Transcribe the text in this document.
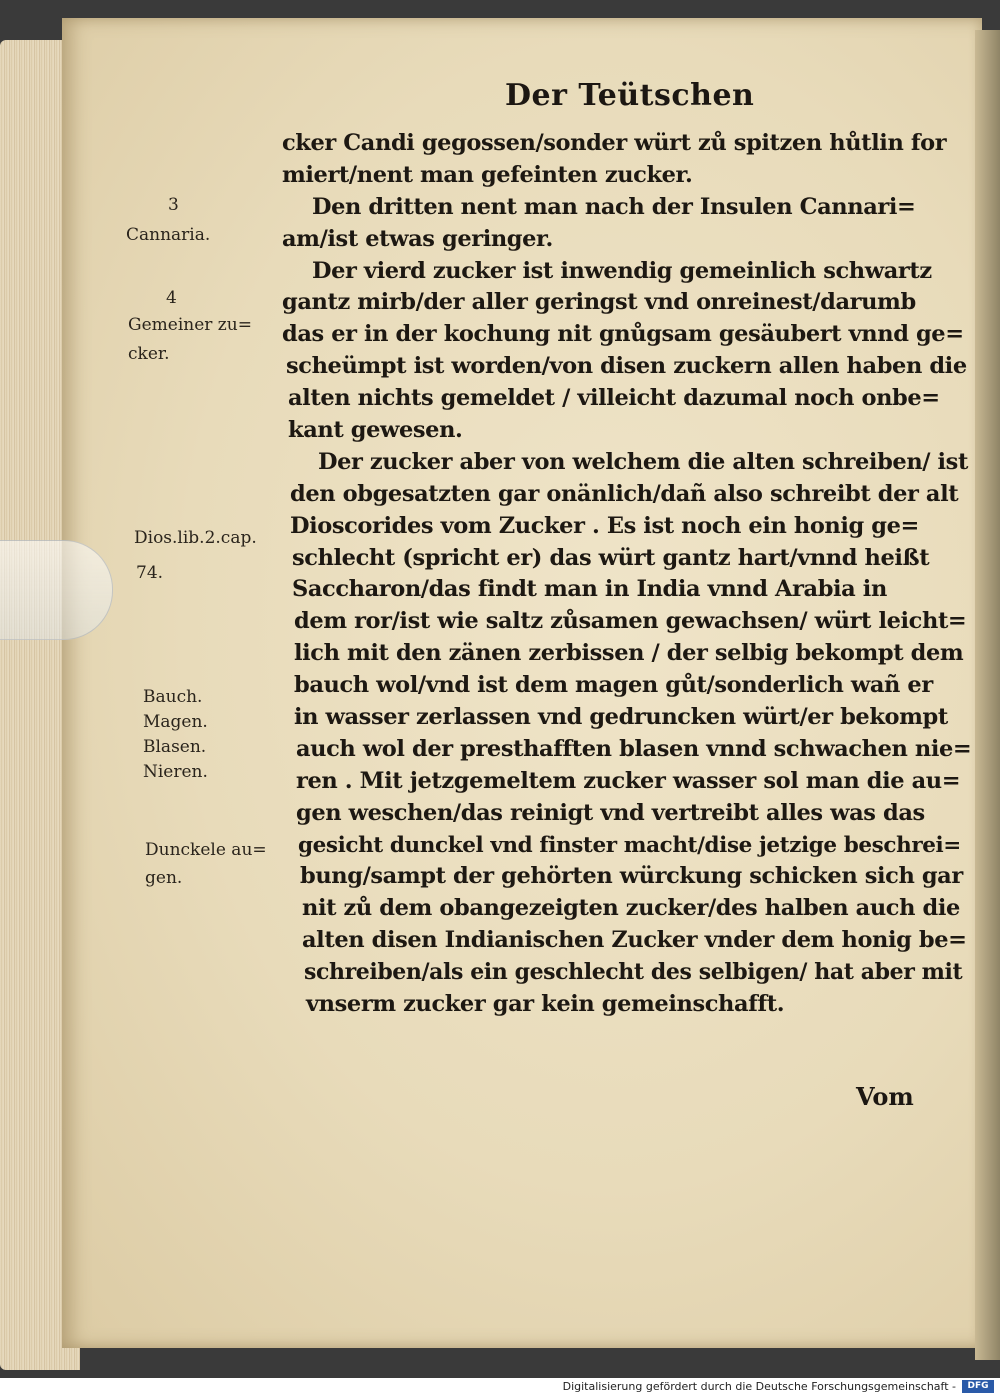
Der Teütschen
3
Cannaria.
4
Gemeiner zu=
cker.
Dios.lib.2.cap.
74.
Bauch.
Magen.
Blasen.
Nieren.
Dunckele au=
gen.
cker Candi gegossen/sonder würt zů spitzen hůtlin for
miert/nent man gefeinten zucker.
Den dritten nent man nach der Insulen Cannari=
am/ist etwas geringer.
Der vierd zucker ist inwendig gemeinlich schwartz
gantz mirb/der aller geringst vnd onreinest/darumb
das er in der kochung nit gnůgsam gesäubert vnnd ge=
scheümpt ist worden/von disen zuckern allen haben die
alten nichts gemeldet / villeicht dazumal noch onbe=
kant gewesen.
Der zucker aber von welchem die alten schreiben/ ist
den obgesatzten gar onänlich/dañ also schreibt der alt
Dioscorides vom Zucker . Es ist noch ein honig ge=
schlecht (spricht er) das würt gantz hart/vnnd heißt
Saccharon/das findt man in India vnnd Arabia in
dem ror/ist wie saltz zůsamen gewachsen/ würt leicht=
lich mit den zänen zerbissen / der selbig bekompt dem
bauch wol/vnd ist dem magen gůt/sonderlich wañ er
in wasser zerlassen vnd gedruncken würt/er bekompt
auch wol der presthafften blasen vnnd schwachen nie=
ren . Mit jetzgemeltem zucker wasser sol man die au=
gen weschen/das reinigt vnd vertreibt alles was das
gesicht dunckel vnd finster macht/dise jetzige beschrei=
bung/sampt der gehörten würckung schicken sich gar
nit zů dem obangezeigten zucker/des halben auch die
alten disen Indianischen Zucker vnder dem honig be=
schreiben/als ein geschlecht des selbigen/ hat aber mit
vnserm zucker gar kein gemeinschafft.
Vom
Digitalisierung gefördert durch die Deutsche Forschungsgemeinschaft -	DFG
